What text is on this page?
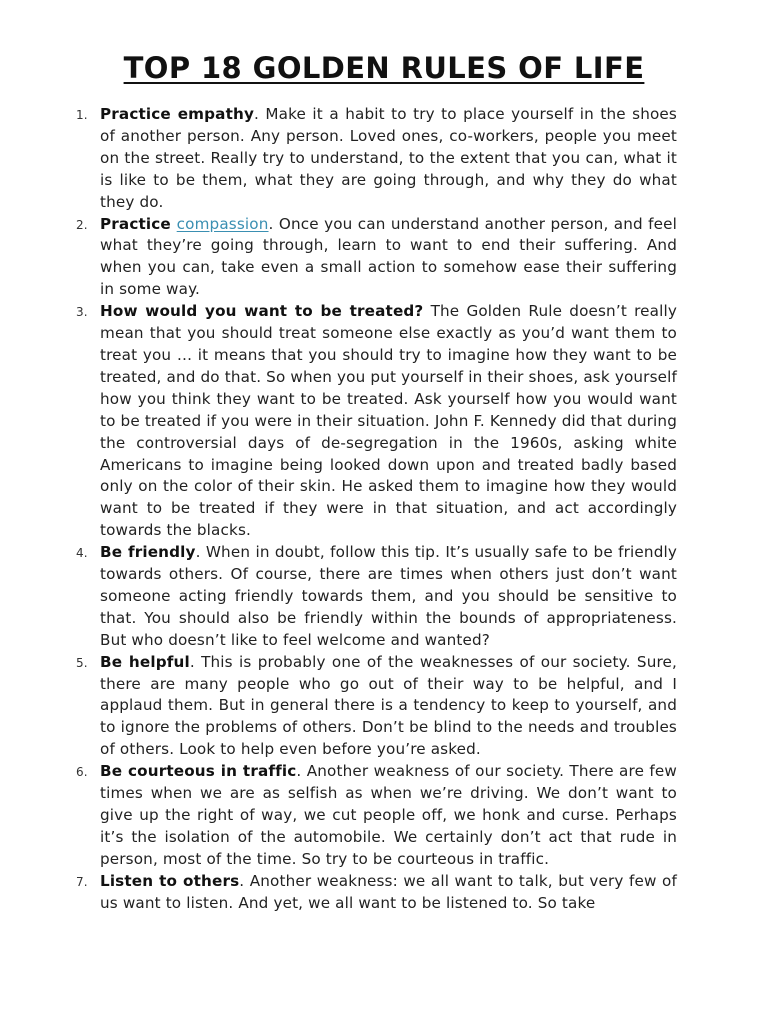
TOP 18 GOLDEN RULES OF LIFE
1. Practice empathy. Make it a habit to try to place yourself in the shoes of another person. Any person. Loved ones, co-workers, people you meet on the street. Really try to understand, to the extent that you can, what it is like to be them, what they are going through, and why they do what they do.
2. Practice compassion. Once you can understand another person, and feel what they’re going through, learn to want to end their suffering. And when you can, take even a small action to somehow ease their suffering in some way.
3. How would you want to be treated? The Golden Rule doesn’t really mean that you should treat someone else exactly as you’d want them to treat you … it means that you should try to imagine how they want to be treated, and do that. So when you put yourself in their shoes, ask yourself how you think they want to be treated. Ask yourself how you would want to be treated if you were in their situation. John F. Kennedy did that during the controversial days of de-segregation in the 1960s, asking white Americans to imagine being looked down upon and treated badly based only on the color of their skin. He asked them to imagine how they would want to be treated if they were in that situation, and act accordingly towards the blacks.
4. Be friendly. When in doubt, follow this tip. It’s usually safe to be friendly towards others. Of course, there are times when others just don’t want someone acting friendly towards them, and you should be sensitive to that. You should also be friendly within the bounds of appropriateness. But who doesn’t like to feel welcome and wanted?
5. Be helpful. This is probably one of the weaknesses of our society. Sure, there are many people who go out of their way to be helpful, and I applaud them. But in general there is a tendency to keep to yourself, and to ignore the problems of others. Don’t be blind to the needs and troubles of others. Look to help even before you’re asked.
6. Be courteous in traffic. Another weakness of our society. There are few times when we are as selfish as when we’re driving. We don’t want to give up the right of way, we cut people off, we honk and curse. Perhaps it’s the isolation of the automobile. We certainly don’t act that rude in person, most of the time. So try to be courteous in traffic.
7. Listen to others. Another weakness: we all want to talk, but very few of us want to listen. And yet, we all want to be listened to. So take
